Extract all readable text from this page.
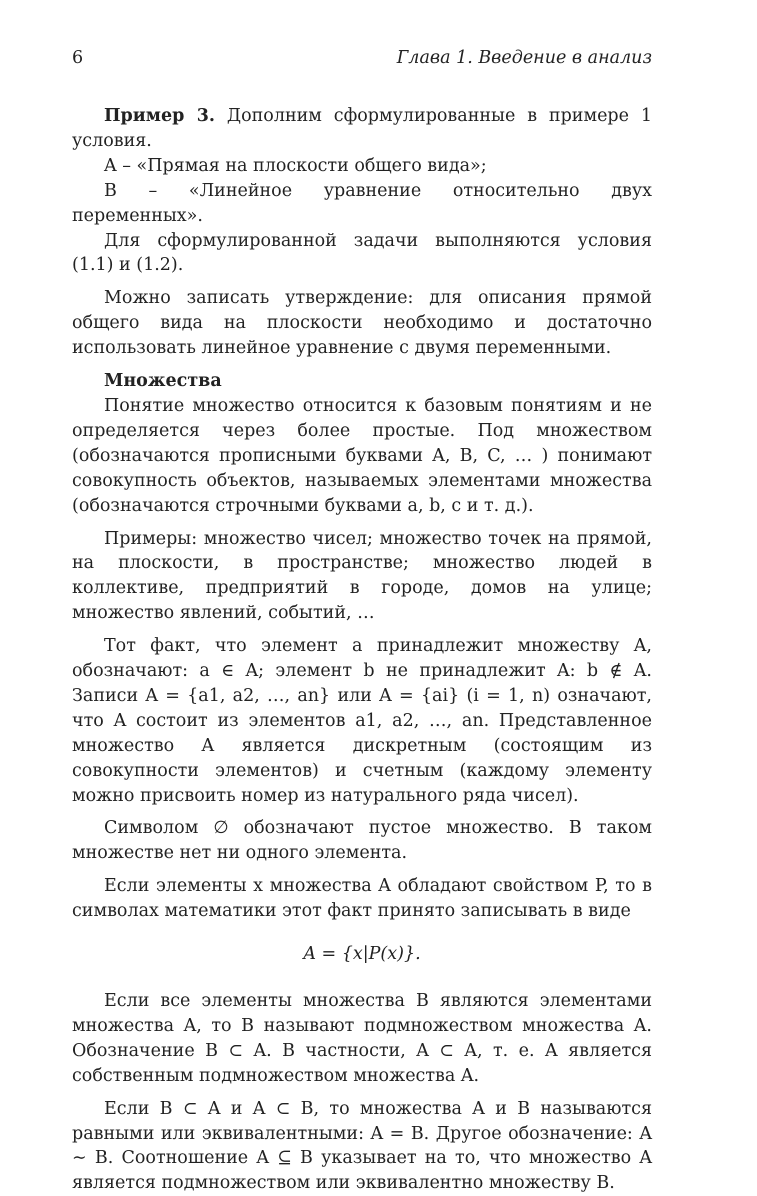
6	Глава 1. Введение в анализ

Пример 3. Дополним сформулированные в примере 1 условия.

A – «Прямая на плоскости общего вида»;

B – «Линейное уравнение относительно двух переменных».

Для сформулированной задачи выполняются условия (1.1) и (1.2).

Можно записать утверждение: для описания прямой общего вида на плоскости необходимо и достаточно использовать линейное уравнение с двумя переменными.

Множества

Понятие множество относится к базовым понятиям и не определяется через более простые. Под множеством (обозначаются прописными буквами A, B, C, … ) понимают совокупность объектов, называемых элементами множества (обозначаются строчными буквами a, b, c и т. д.).

Примеры: множество чисел; множество точек на прямой, на плоскости, в пространстве; множество людей в коллективе, предприятий в городе, домов на улице; множество явлений, событий, …

Тот факт, что элемент a принадлежит множеству A, обозначают: a ∈ A; элемент b не принадлежит A: b ∉ A. Записи A = {a1, a2, …, an} или A = {ai} (i = 1, n) означают, что A состоит из элементов a1, a2, …, an. Представленное множество A является дискретным (состоящим из совокупности элементов) и счетным (каждому элементу можно присвоить номер из натурального ряда чисел).

Символом ∅ обозначают пустое множество. В таком множестве нет ни одного элемента.

Если элементы x множества A обладают свойством P, то в символах математики этот факт принято записывать в виде

A = {x|P(x)}.

Если все элементы множества B являются элементами множества A, то B называют подмножеством множества A. Обозначение B ⊂ A. В частности, A ⊂ A, т. е. A является собственным подмножеством множества A.

Если B ⊂ A и A ⊂ B, то множества A и B называются равными или эквивалентными: A = B. Другое обозначение: A ∼ B. Соотношение A ⊆ B указывает на то, что множество A является подмножеством или эквивалентно множеству B.
